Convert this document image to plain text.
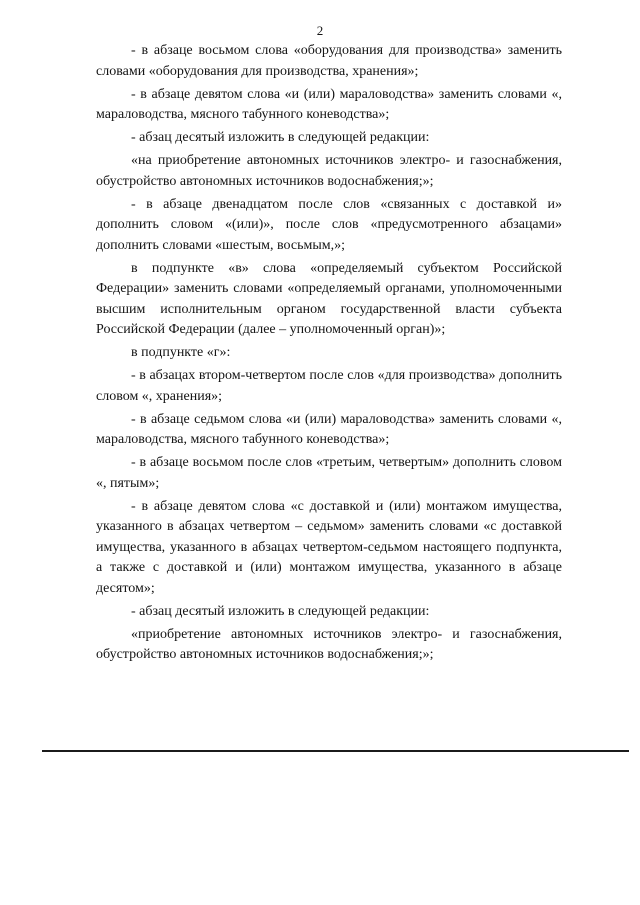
2

- в абзаце восьмом слова «оборудования для производства» заменить словами «оборудования для производства, хранения»;

- в абзаце девятом слова «и (или) мараловодства» заменить словами «, мараловодства, мясного табунного коневодства»;

- абзац десятый изложить в следующей редакции:

«на приобретение автономных источников электро- и газоснабжения, обустройство автономных источников водоснабжения;»;

- в абзаце двенадцатом после слов «связанных с доставкой и» дополнить словом «(или)», после слов «предусмотренного абзацами» дополнить словами «шестым, восьмым,»;

в подпункте «в» слова «определяемый субъектом Российской Федерации» заменить словами «определяемый органами, уполномоченными высшим исполнительным органом государственной власти субъекта Российской Федерации (далее – уполномоченный орган)»;

в подпункте «г»:

- в абзацах втором-четвертом после слов «для производства» дополнить словом «, хранения»;

- в абзаце седьмом слова «и (или) мараловодства» заменить словами «, мараловодства, мясного табунного коневодства»;

- в абзаце восьмом после слов «третьим, четвертым» дополнить словом «, пятым»;

- в абзаце девятом слова «с доставкой и (или) монтажом имущества, указанного в абзацах четвертом – седьмом» заменить словами «с доставкой имущества, указанного в абзацах четвертом-седьмом настоящего подпункта, а также с доставкой и (или) монтажом имущества, указанного в абзаце десятом»;

- абзац десятый изложить в следующей редакции:

«приобретение автономных источников электро- и газоснабжения, обустройство автономных источников водоснабжения;»;
